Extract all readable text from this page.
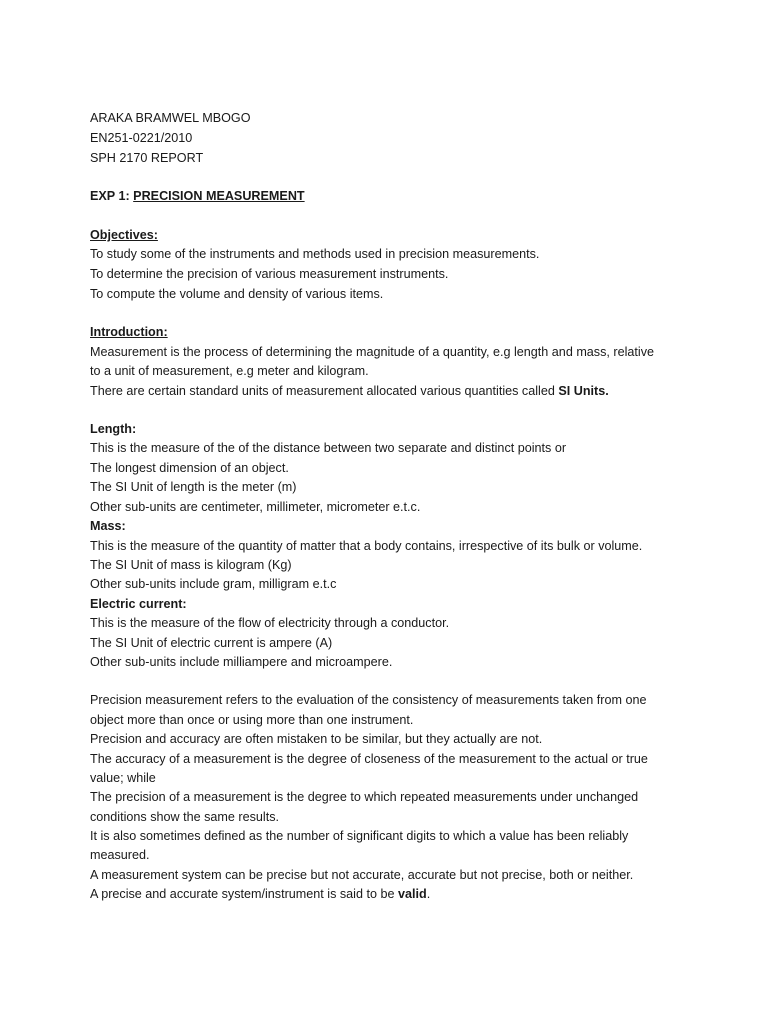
ARAKA BRAMWEL MBOGO
EN251-0221/2010
SPH 2170 REPORT
EXP 1: PRECISION MEASUREMENT
Objectives:
To study some of the instruments and methods used in precision measurements.
To determine the precision of various measurement instruments.
To compute the volume and density of various items.
Introduction:
Measurement is the process of determining the magnitude of a quantity, e.g length and mass, relative
to a unit of measurement, e.g meter and kilogram.
There are certain standard units of measurement allocated various quantities called SI Units.
Length:
This is the measure of the of the distance between two separate and distinct points or
The longest dimension of an object.
The SI Unit of length is the meter (m)
Other sub-units are centimeter, millimeter, micrometer e.t.c.
Mass:
This is the measure of the quantity of matter that a body contains, irrespective of its bulk or volume.
The SI Unit of mass is kilogram (Kg)
Other sub-units include gram, milligram e.t.c
Electric current:
This is the measure of the flow of electricity through a conductor.
The SI Unit of electric current is ampere (A)
Other sub-units include milliampere and microampere.
Precision measurement refers to the evaluation of the consistency of measurements taken from one
object more than once or using more than one instrument.
Precision and accuracy are often mistaken to be similar, but they actually are not.
The accuracy of a measurement is the degree of closeness of the measurement to the actual or true
value; while
The precision of a measurement is the degree to which repeated measurements under unchanged
conditions show the same results.
It is also sometimes defined as the number of significant digits to which a value has been reliably
measured.
A measurement system can be precise but not accurate, accurate but not precise, both or neither.
A precise and accurate system/instrument is said to be valid.
